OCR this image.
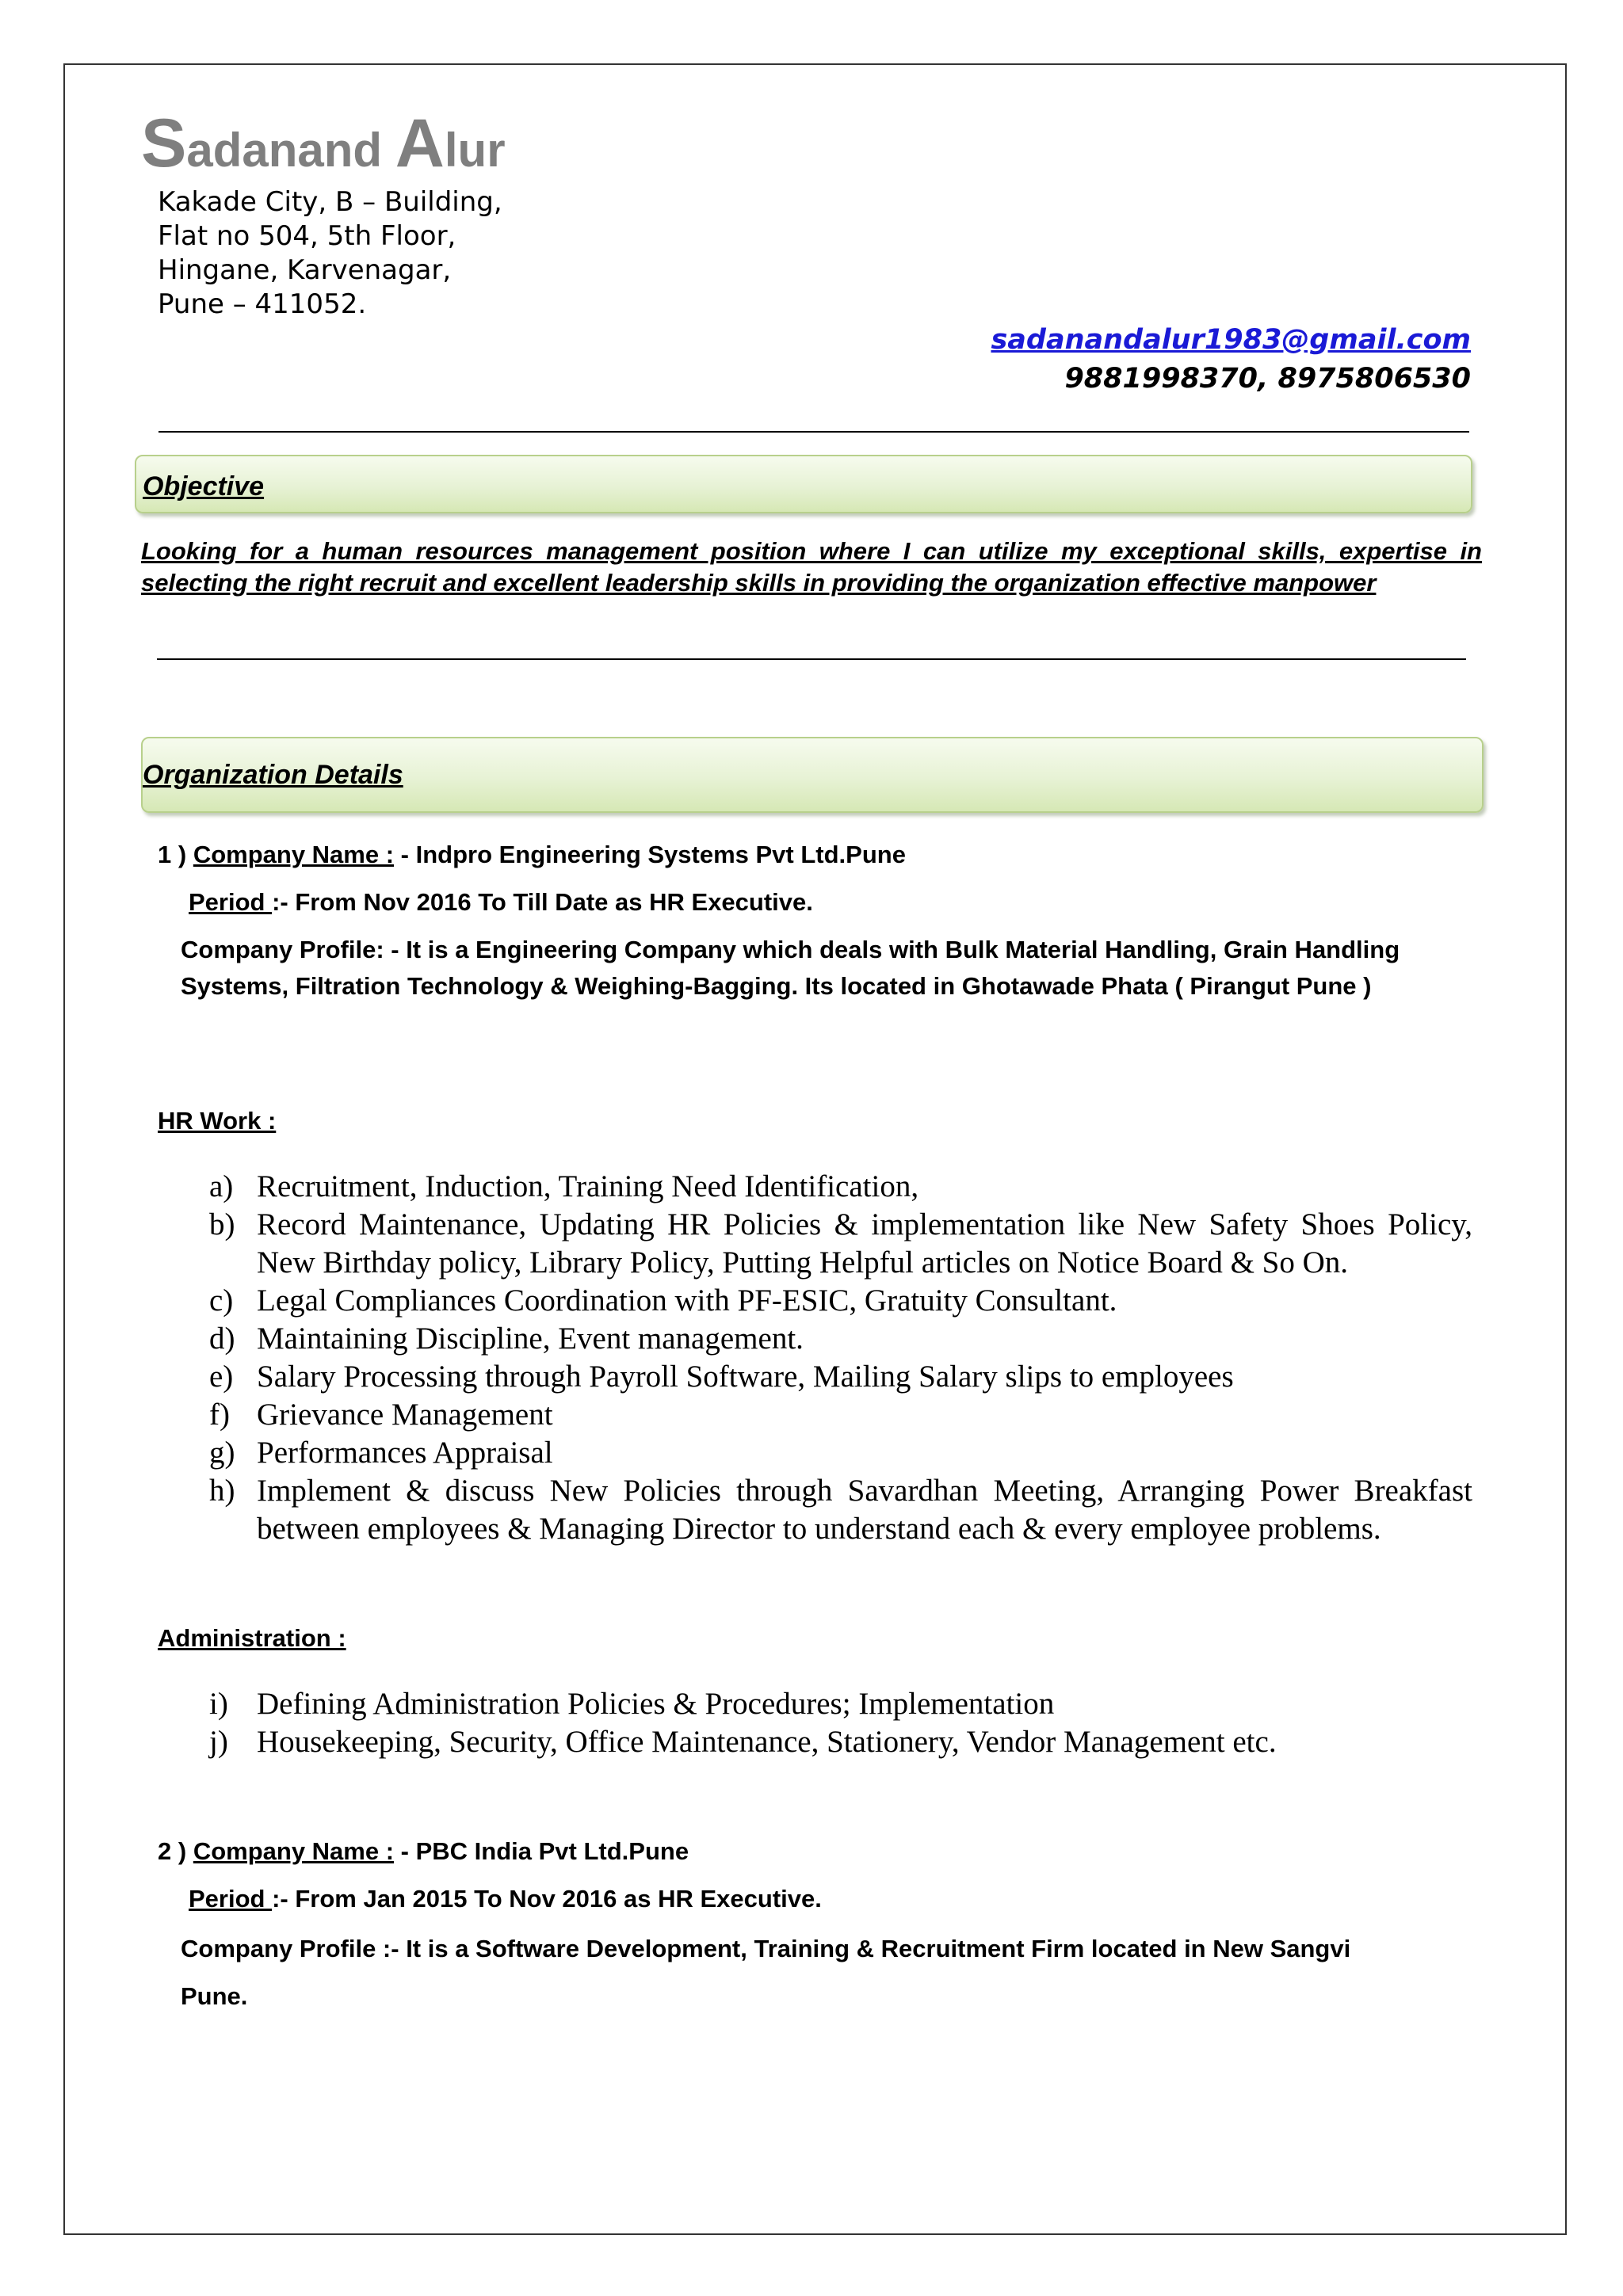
Sadanand Alur
Kakade City, B – Building,
Flat no 504, 5th Floor,
Hingane, Karvenagar,
Pune – 411052.
sadanandalur1983@gmail.com
9881998370, 8975806530
Objective
Looking for a human resources management position where I can utilize my exceptional skills, expertise in selecting the right recruit and excellent leadership skills in providing the organization effective manpower
Organization Details
1 ) Company Name : - Indpro Engineering Systems Pvt Ltd.Pune
Period :- From Nov 2016 To Till Date as HR Executive.
Company Profile: - It is a Engineering Company which deals with Bulk Material Handling, Grain Handling Systems, Filtration Technology & Weighing-Bagging. Its located in Ghotawade Phata ( Pirangut Pune )
HR Work :
a) Recruitment, Induction, Training Need Identification,
b) Record Maintenance, Updating HR Policies & implementation like New Safety Shoes Policy, New Birthday policy, Library Policy, Putting Helpful articles on Notice Board & So On.
c) Legal Compliances Coordination with PF-ESIC, Gratuity Consultant.
d) Maintaining Discipline, Event management.
e) Salary Processing through Payroll Software, Mailing Salary slips to employees
f) Grievance Management
g) Performances Appraisal
h) Implement & discuss New Policies through Savardhan Meeting, Arranging Power Breakfast between employees & Managing Director to understand each & every employee problems.
Administration :
i) Defining Administration Policies & Procedures; Implementation
j) Housekeeping, Security, Office Maintenance, Stationery, Vendor Management etc.
2 ) Company Name : - PBC India Pvt Ltd.Pune
Period :- From Jan 2015 To Nov 2016 as HR Executive.
Company Profile :- It is a Software Development, Training & Recruitment Firm located in New Sangvi Pune.
